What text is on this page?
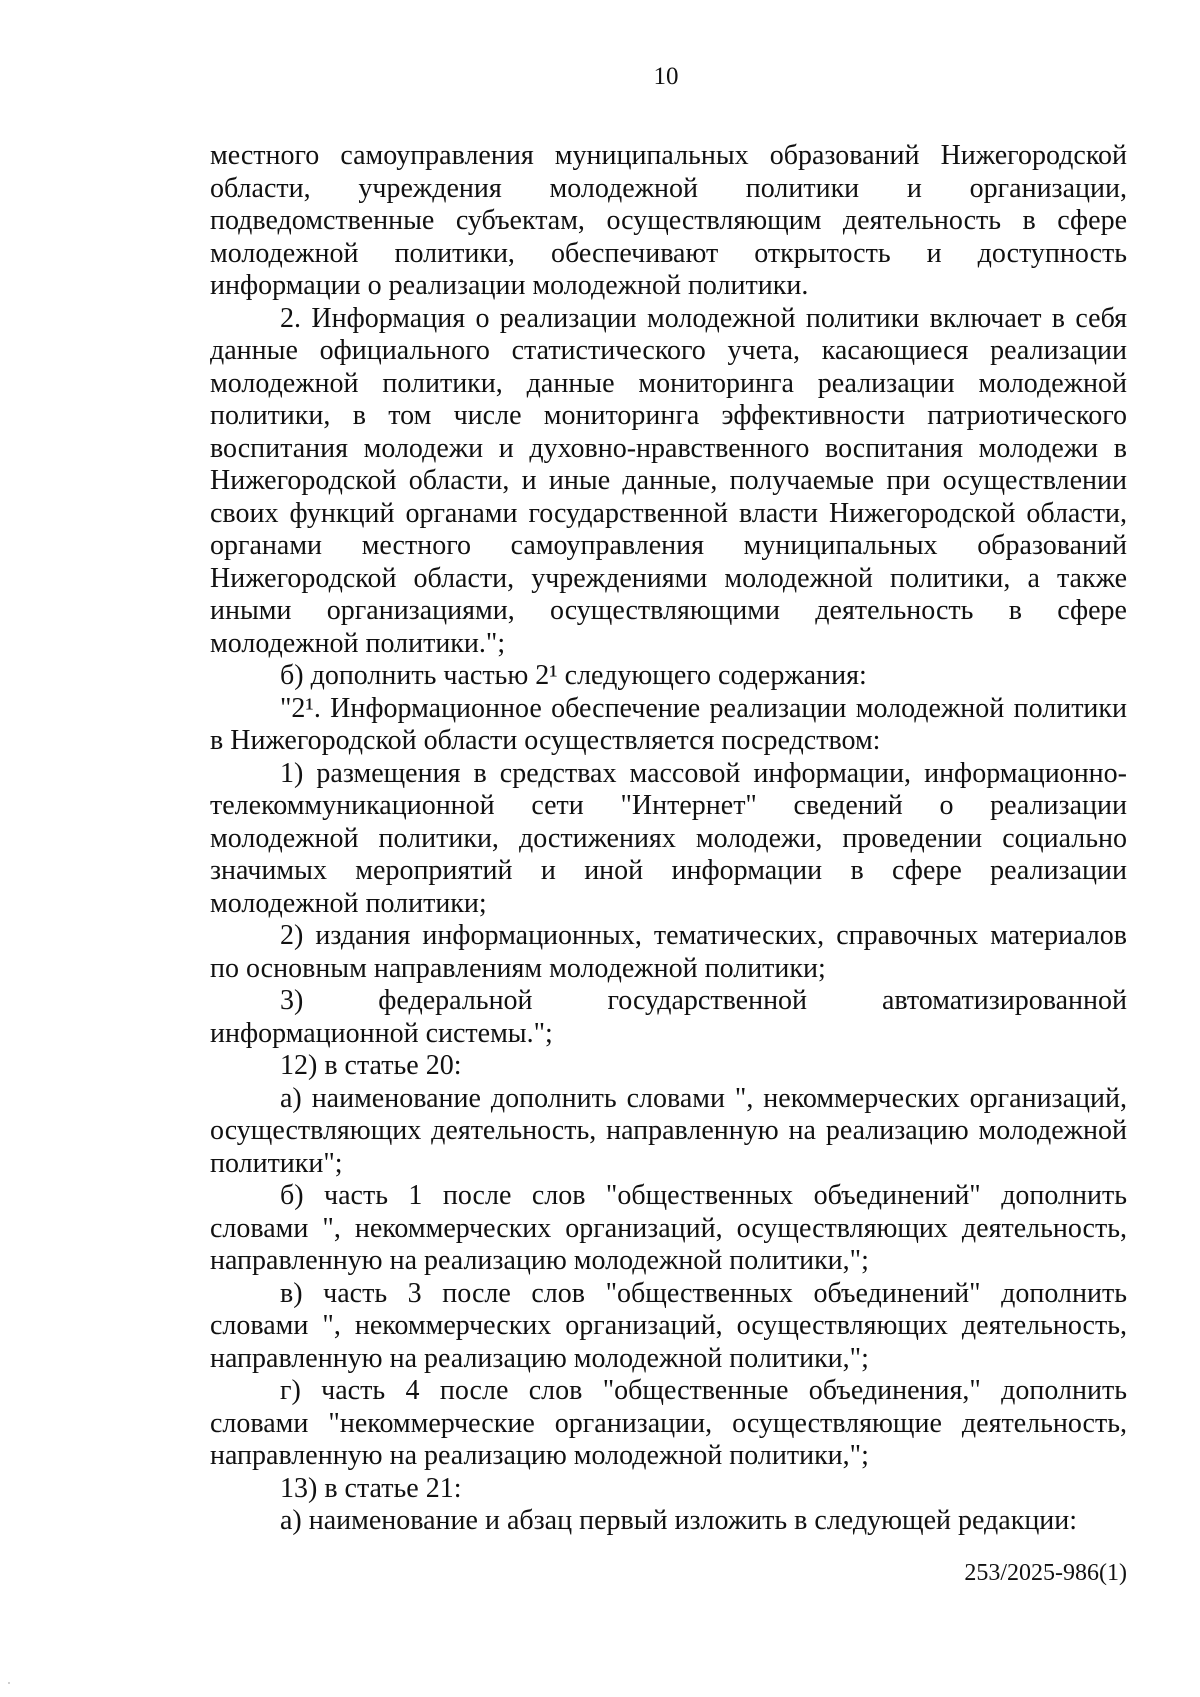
10

местного самоуправления муниципальных образований Нижегородской области, учреждения молодежной политики и организации, подведомственные субъектам, осуществляющим деятельность в сфере молодежной политики, обеспечивают открытость и доступность информации о реализации молодежной политики.

2. Информация о реализации молодежной политики включает в себя данные официального статистического учета, касающиеся реализации молодежной политики, данные мониторинга реализации молодежной политики, в том числе мониторинга эффективности патриотического воспитания молодежи и духовно-нравственного воспитания молодежи в Нижегородской области, и иные данные, получаемые при осуществлении своих функций органами государственной власти Нижегородской области, органами местного самоуправления муниципальных образований Нижегородской области, учреждениями молодежной политики, а также иными организациями, осуществляющими деятельность в сфере молодежной политики.";

б) дополнить частью 2¹ следующего содержания:

"2¹. Информационное обеспечение реализации молодежной политики в Нижегородской области осуществляется посредством:

1) размещения в средствах массовой информации, информационно-телекоммуникационной сети "Интернет" сведений о реализации молодежной политики, достижениях молодежи, проведении социально значимых мероприятий и иной информации в сфере реализации молодежной политики;

2) издания информационных, тематических, справочных материалов по основным направлениям молодежной политики;

3) федеральной государственной автоматизированной информационной системы.";

12) в статье 20:

а) наименование дополнить словами ", некоммерческих организаций, осуществляющих деятельность, направленную на реализацию молодежной политики";

б) часть 1 после слов "общественных объединений" дополнить словами ", некоммерческих организаций, осуществляющих деятельность, направленную на реализацию молодежной политики,";

в) часть 3 после слов "общественных объединений" дополнить словами ", некоммерческих организаций, осуществляющих деятельность, направленную на реализацию молодежной политики,";

г) часть 4 после слов "общественные объединения," дополнить словами "некоммерческие организации, осуществляющие деятельность, направленную на реализацию молодежной политики,";

13) в статье 21:

а) наименование и абзац первый изложить в следующей редакции:

253/2025-986(1)
